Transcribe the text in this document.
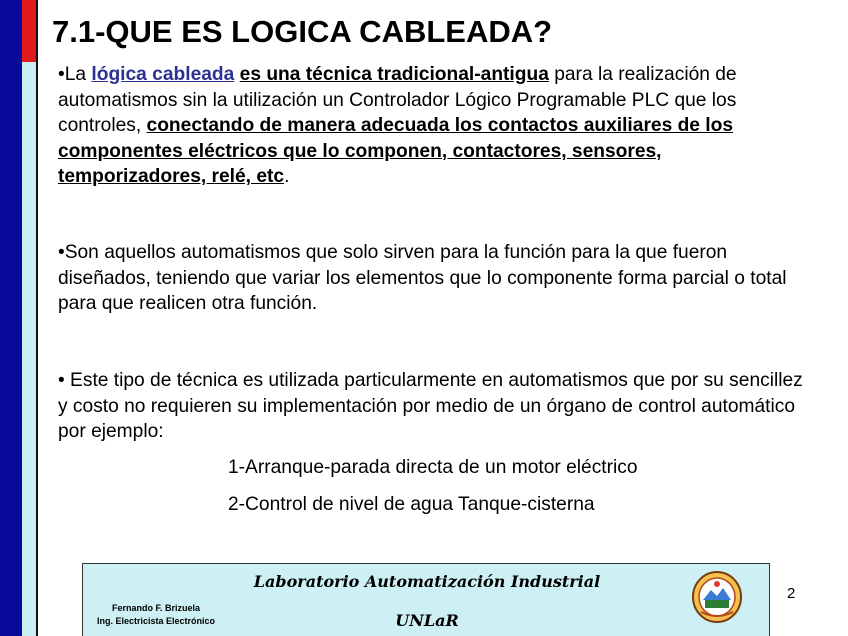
7.1-QUE ES LOGICA CABLEADA?
•La lógica cableada es una técnica tradicional-antigua para la realización de automatismos sin la utilización un Controlador Lógico Programable PLC que los controles, conectando de manera adecuada los contactos auxiliares de los componentes eléctricos que lo componen, contactores, sensores, temporizadores, relé, etc.
•Son aquellos automatismos que solo sirven para la función para la que fueron diseñados, teniendo que variar los elementos que lo componente forma parcial o total para que realicen otra función.
• Este tipo de técnica es utilizada particularmente en automatismos que por su sencillez y costo no requieren su implementación por medio de un órgano de control automático por ejemplo:
1-Arranque-parada directa de un motor eléctrico
2-Control de nivel de agua Tanque-cisterna
Laboratorio Automatización Industrial
UNLaR
Fernando F. Brizuela
Ing. Electricista Electrónico
2
